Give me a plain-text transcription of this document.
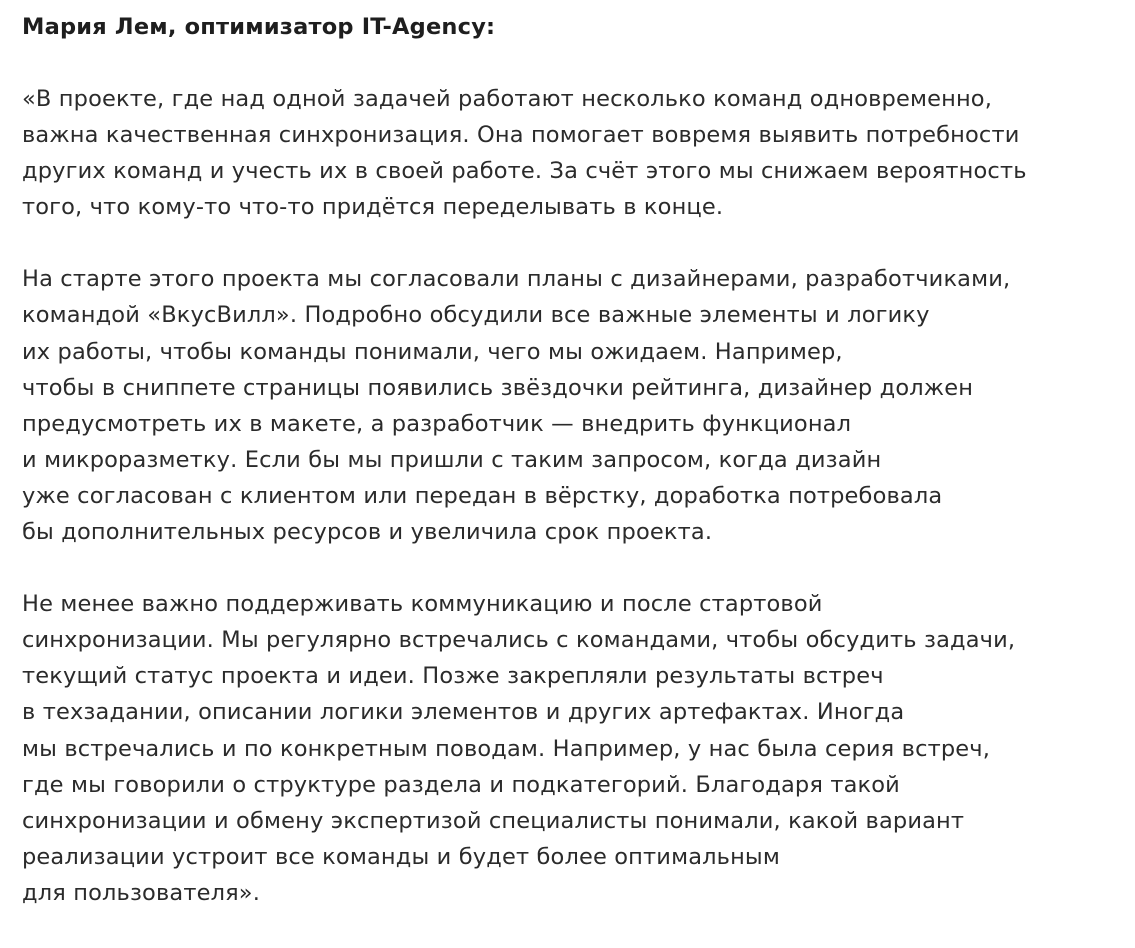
Мария Лем, оптимизатор IT-Agency:
«В проекте, где над одной задачей работают несколько команд одновременно,
важна качественная синхронизация. Она помогает вовремя выявить потребности
других команд и учесть их в своей работе. За счёт этого мы снижаем вероятность
того, что кому-то что-то придётся переделывать в конце.
На старте этого проекта мы согласовали планы с дизайнерами, разработчиками,
командой «ВкусВилл». Подробно обсудили все важные элементы и логику
их работы, чтобы команды понимали, чего мы ожидаем. Например,
чтобы в сниппете страницы появились звёздочки рейтинга, дизайнер должен
предусмотреть их в макете, а разработчик — внедрить функционал
и микроразметку. Если бы мы пришли с таким запросом, когда дизайн
уже согласован с клиентом или передан в вёрстку, доработка потребовала
бы дополнительных ресурсов и увеличила срок проекта.
Не менее важно поддерживать коммуникацию и после стартовой
синхронизации. Мы регулярно встречались с командами, чтобы обсудить задачи,
текущий статус проекта и идеи. Позже закрепляли результаты встреч
в техзадании, описании логики элементов и других артефактах. Иногда
мы встречались и по конкретным поводам. Например, у нас была серия встреч,
где мы говорили о структуре раздела и подкатегорий. Благодаря такой
синхронизации и обмену экспертизой специалисты понимали, какой вариант
реализации устроит все команды и будет более оптимальным
для пользователя».
